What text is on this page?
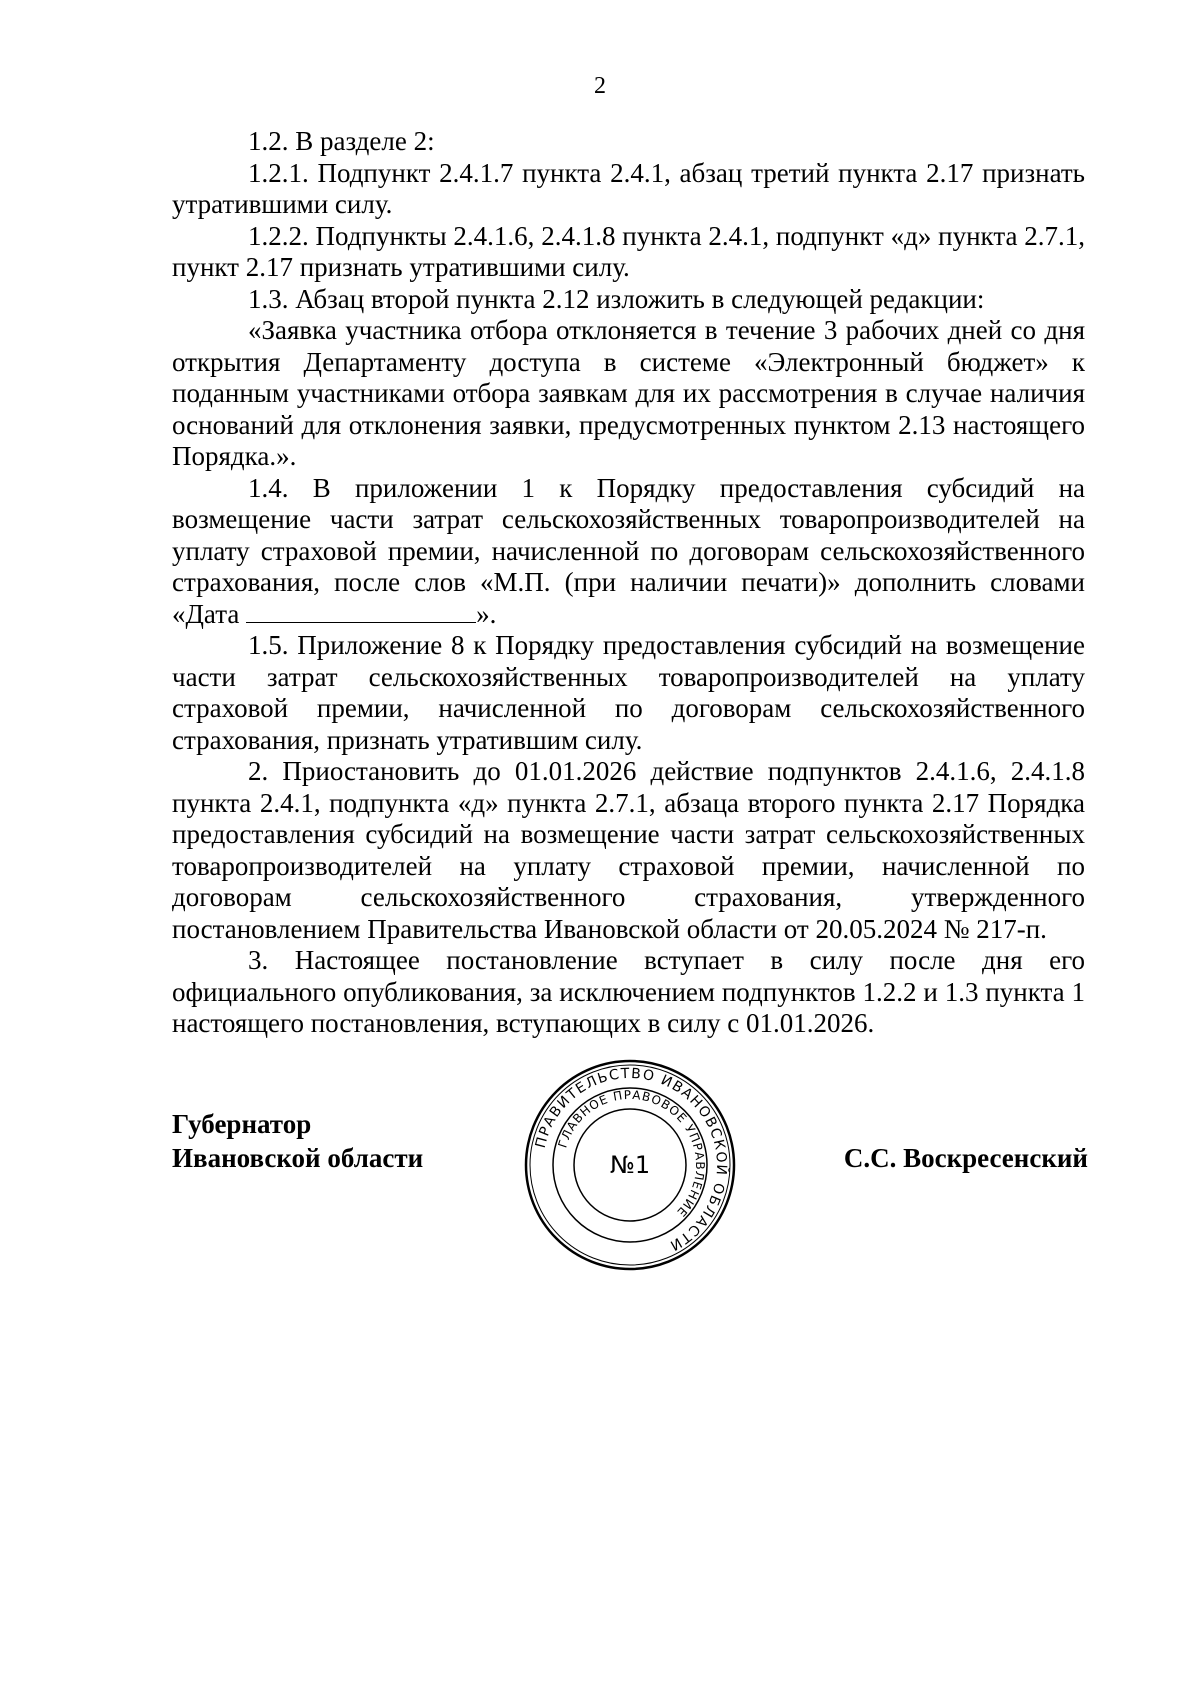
2

1.2. В разделе 2:

1.2.1. Подпункт 2.4.1.7 пункта 2.4.1, абзац третий пункта 2.17 признать утратившими силу.

1.2.2. Подпункты 2.4.1.6, 2.4.1.8 пункта 2.4.1, подпункт «д» пункта 2.7.1, пункт 2.17 признать утратившими силу.

1.3. Абзац второй пункта 2.12 изложить в следующей редакции:

«Заявка участника отбора отклоняется в течение 3 рабочих дней со дня открытия Департаменту доступа в системе «Электронный бюджет» к поданным участниками отбора заявкам для их рассмотрения в случае наличия оснований для отклонения заявки, предусмотренных пунктом 2.13 настоящего Порядка.».

1.4. В приложении 1 к Порядку предоставления субсидий на возмещение части затрат сельскохозяйственных товаропроизводителей на уплату страховой премии, начисленной по договорам сельскохозяйственного страхования, после слов «М.П. (при наличии печати)» дополнить словами «Дата	».

1.5. Приложение 8 к Порядку предоставления субсидий на возмещение части затрат сельскохозяйственных товаропроизводителей на уплату страховой премии, начисленной по договорам сельскохозяйственного страхования, признать утратившим силу.

2. Приостановить до 01.01.2026 действие подпунктов 2.4.1.6, 2.4.1.8 пункта 2.4.1, подпункта «д» пункта 2.7.1, абзаца второго пункта 2.17 Порядка предоставления субсидий на возмещение части затрат сельскохозяйственных товаропроизводителей на уплату страховой премии, начисленной по договорам сельскохозяйственного страхования, утвержденного постановлением Правительства Ивановской области от 20.05.2024 № 217-п.

3. Настоящее постановление вступает в силу после дня его официального опубликования, за исключением подпунктов 1.2.2 и 1.3 пункта 1 настоящего постановления, вступающих в силу с 01.01.2026.

Губернатор
Ивановской области
ПРАВИТЕЛЬСТВО ИВАНОВСКОЙ ОБЛАСТИ
ГЛАВНОЕ ПРАВОВОЕ УПРАВЛЕНИЕ
№1	С.С. Воскресенский
